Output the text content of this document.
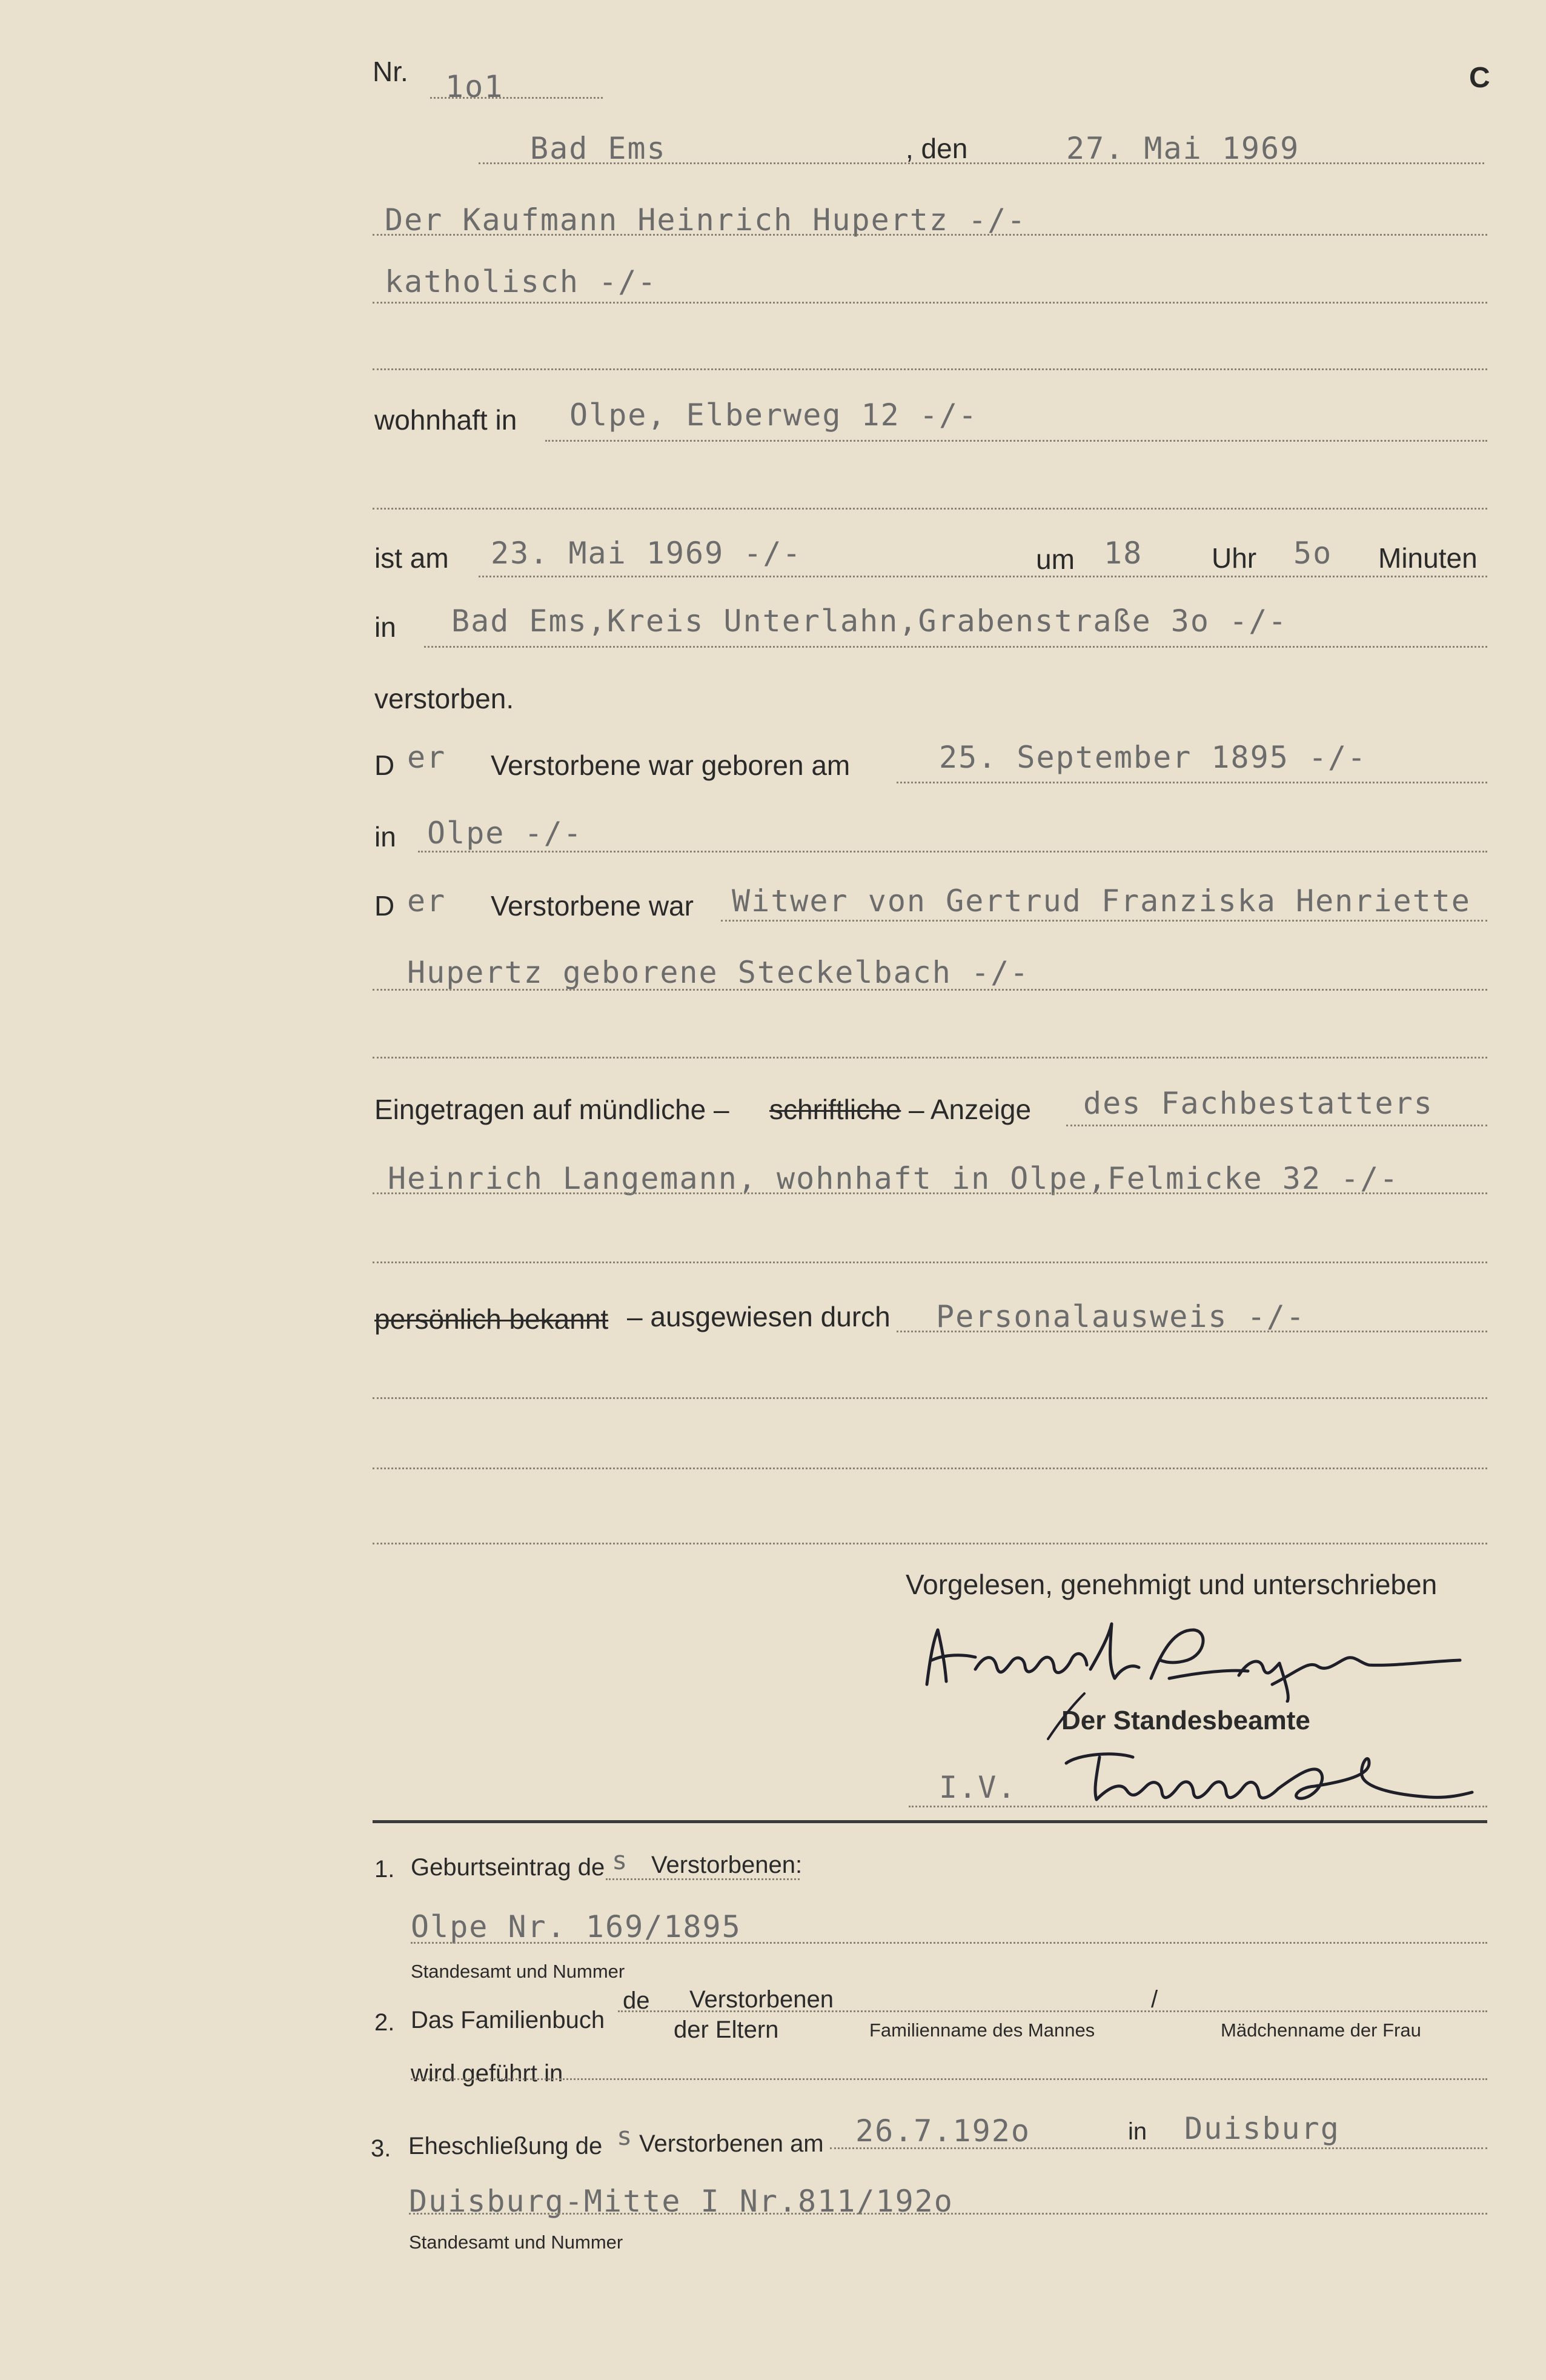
Nr. 1o1	C
Bad Ems	, den	27. Mai 1969
Der Kaufmann Heinrich Hupertz -/-
katholisch -/-
wohnhaft in Olpe, Elberweg 12 -/-
ist am 23. Mai 1969 -/-	um 18 Uhr 5o Minuten
in Bad Ems,Kreis Unterlahn,Grabenstraße 3o -/-
verstorben.
D er Verstorbene war geboren am	25. September 1895 -/-
in Olpe -/-
D er Verstorbene war Witwer von Gertrud Franziska Henriette
Hupertz geborene Steckelbach -/-
Eingetragen auf mündliche – schriftliche – Anzeige des Fachbestatters
Heinrich Langemann, wohnhaft in Olpe,Felmicke 32 -/-
persönlich bekannt – ausgewiesen durch Personalausweis -/-
Vorgelesen, genehmigt und unterschrieben
Der Standesbeamte
I.V.
1. Geburtseintrag de s Verstorbenen:
Olpe Nr. 169/1895
Standesamt und Nummer
2. Das Familienbuch
de Verstorbenen
der Eltern
/
Familienname des Mannes	Mädchenname der Frau
wird geführt in
3. Eheschließung de s Verstorbenen am 26.7.192o	in Duisburg
Duisburg-Mitte I Nr.811/192o
Standesamt und Nummer
